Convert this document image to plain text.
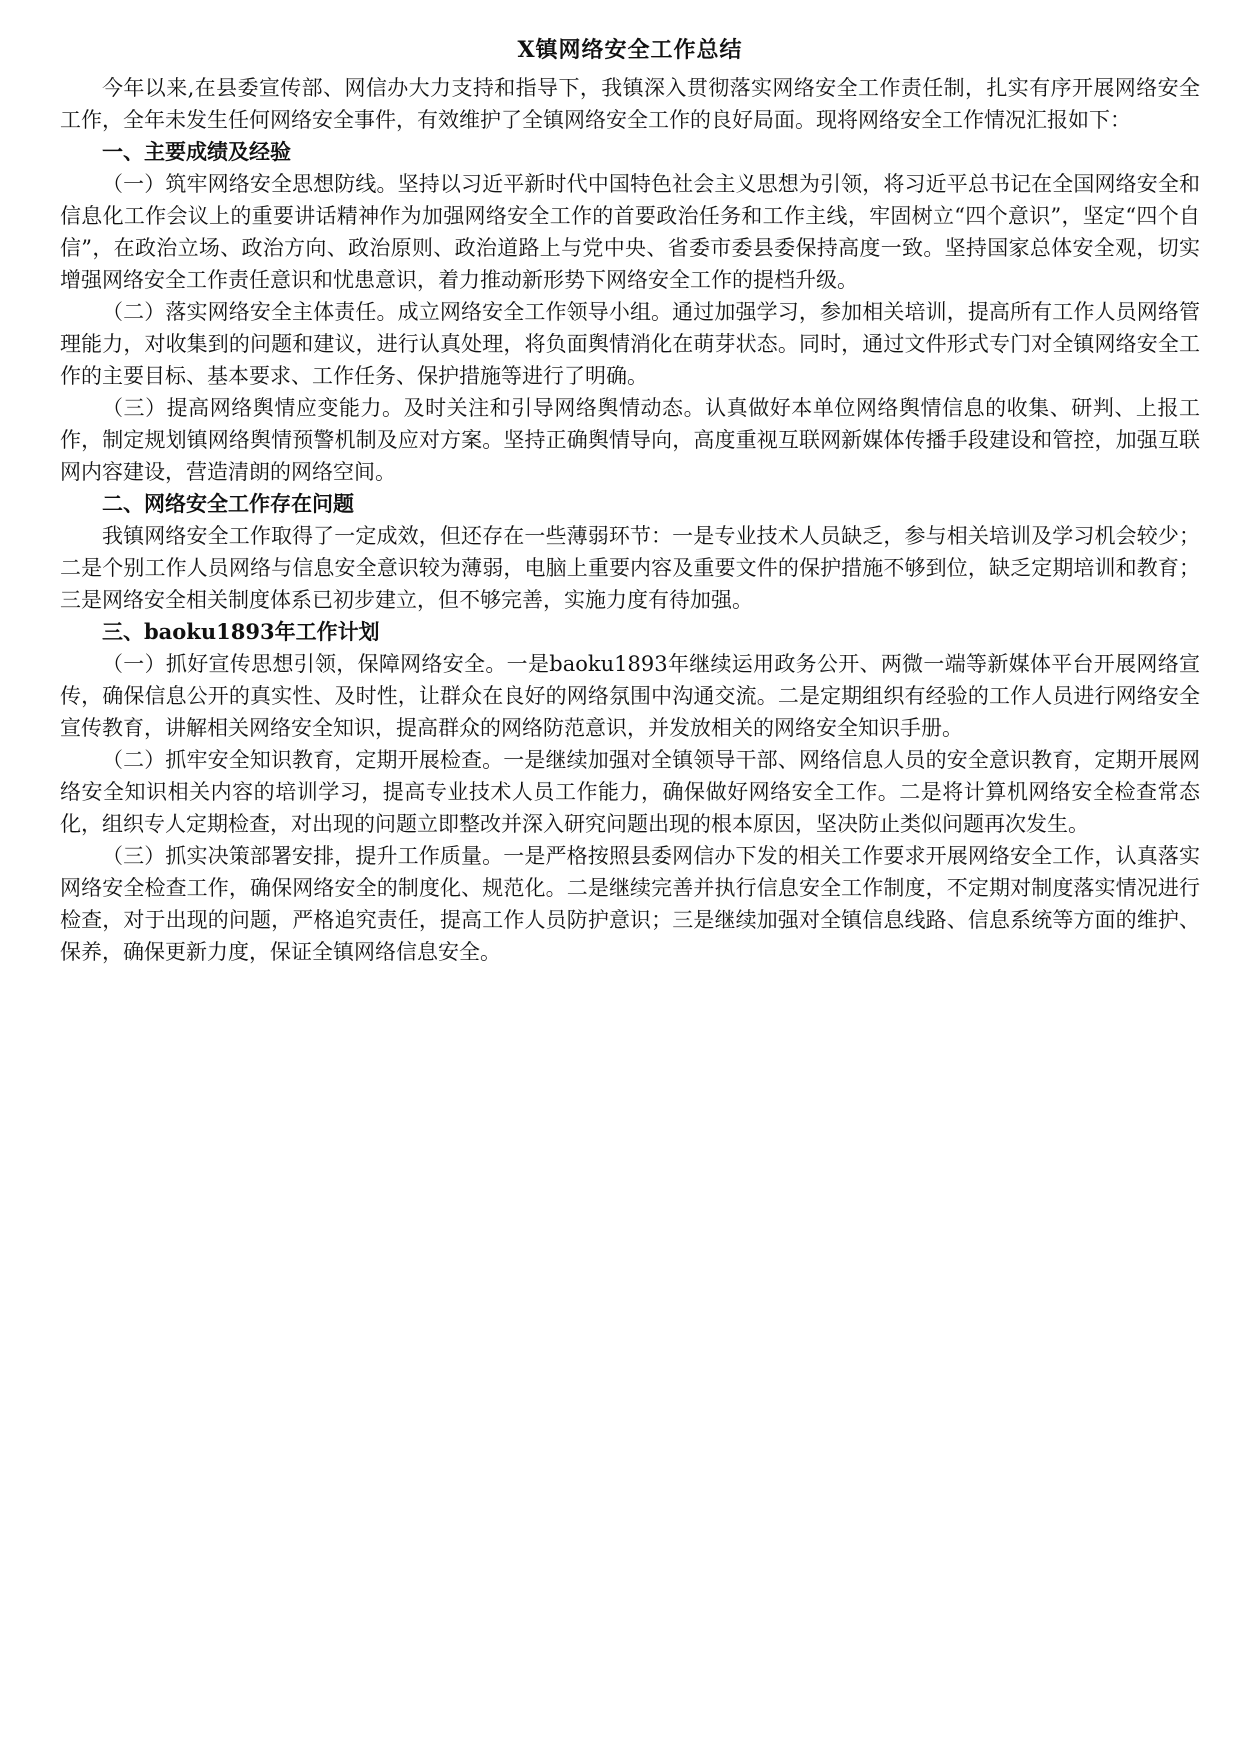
X镇网络安全工作总结

今年以来,在县委宣传部、网信办大力支持和指导下，我镇深入贯彻落实网络安全工作责任制，扎实有序开展网络安全工作，全年未发生任何网络安全事件，有效维护了全镇网络安全工作的良好局面。现将网络安全工作情况汇报如下：

一、主要成绩及经验

（一）筑牢网络安全思想防线。坚持以习近平新时代中国特色社会主义思想为引领，将习近平总书记在全国网络安全和信息化工作会议上的重要讲话精神作为加强网络安全工作的首要政治任务和工作主线，牢固树立“四个意识”，坚定“四个自信”，在政治立场、政治方向、政治原则、政治道路上与党中央、省委市委县委保持高度一致。坚持国家总体安全观，切实增强网络安全工作责任意识和忧患意识，着力推动新形势下网络安全工作的提档升级。

（二）落实网络安全主体责任。成立网络安全工作领导小组。通过加强学习，参加相关培训，提高所有工作人员网络管理能力，对收集到的问题和建议，进行认真处理，将负面舆情消化在萌芽状态。同时，通过文件形式专门对全镇网络安全工作的主要目标、基本要求、工作任务、保护措施等进行了明确。

（三）提高网络舆情应变能力。及时关注和引导网络舆情动态。认真做好本单位网络舆情信息的收集、研判、上报工作，制定规划镇网络舆情预警机制及应对方案。坚持正确舆情导向，高度重视互联网新媒体传播手段建设和管控，加强互联网内容建设，营造清朗的网络空间。

二、网络安全工作存在问题

我镇网络安全工作取得了一定成效，但还存在一些薄弱环节：一是专业技术人员缺乏，参与相关培训及学习机会较少；二是个别工作人员网络与信息安全意识较为薄弱，电脑上重要内容及重要文件的保护措施不够到位，缺乏定期培训和教育；三是网络安全相关制度体系已初步建立，但不够完善，实施力度有待加强。

三、baoku1893年工作计划

（一）抓好宣传思想引领，保障网络安全。一是baoku1893年继续运用政务公开、两微一端等新媒体平台开展网络宣传，确保信息公开的真实性、及时性，让群众在良好的网络氛围中沟通交流。二是定期组织有经验的工作人员进行网络安全宣传教育，讲解相关网络安全知识，提高群众的网络防范意识，并发放相关的网络安全知识手册。

（二）抓牢安全知识教育，定期开展检查。一是继续加强对全镇领导干部、网络信息人员的安全意识教育，定期开展网络安全知识相关内容的培训学习，提高专业技术人员工作能力，确保做好网络安全工作。二是将计算机网络安全检查常态化，组织专人定期检查，对出现的问题立即整改并深入研究问题出现的根本原因，坚决防止类似问题再次发生。

（三）抓实决策部署安排，提升工作质量。一是严格按照县委网信办下发的相关工作要求开展网络安全工作，认真落实网络安全检查工作，确保网络安全的制度化、规范化。二是继续完善并执行信息安全工作制度，不定期对制度落实情况进行检查，对于出现的问题，严格追究责任，提高工作人员防护意识；三是继续加强对全镇信息线路、信息系统等方面的维护、保养，确保更新力度，保证全镇网络信息安全。
